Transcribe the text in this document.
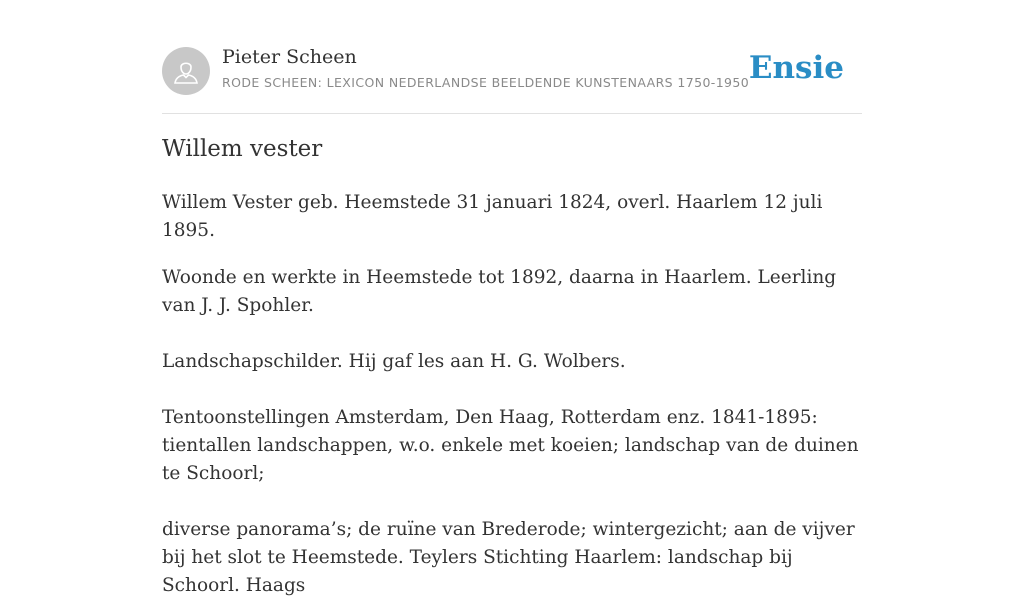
Pieter Scheen
RODE SCHEEN: LEXICON NEDERLANDSE BEELDENDE KUNSTENAARS 1750-1950 Ensie
Willem vester

Willem Vester geb. Heemstede 31 januari 1824, overl. Haarlem 12 juli 1895.

Woonde en werkte in Heemstede tot 1892, daarna in Haarlem. Leerling van J. J. Spohler.

Landschapschilder. Hij gaf les aan H. G. Wolbers.

Tentoonstellingen Amsterdam, Den Haag, Rotterdam enz. 1841-1895: tientallen landschappen, w.o. enkele met koeien; landschap van de duinen te Schoorl;

diverse panorama’s; de ruïne van Brederode; wintergezicht; aan de vijver bij het slot te Heemstede. Teylers Stichting Haarlem: landschap bij Schoorl. Haags
